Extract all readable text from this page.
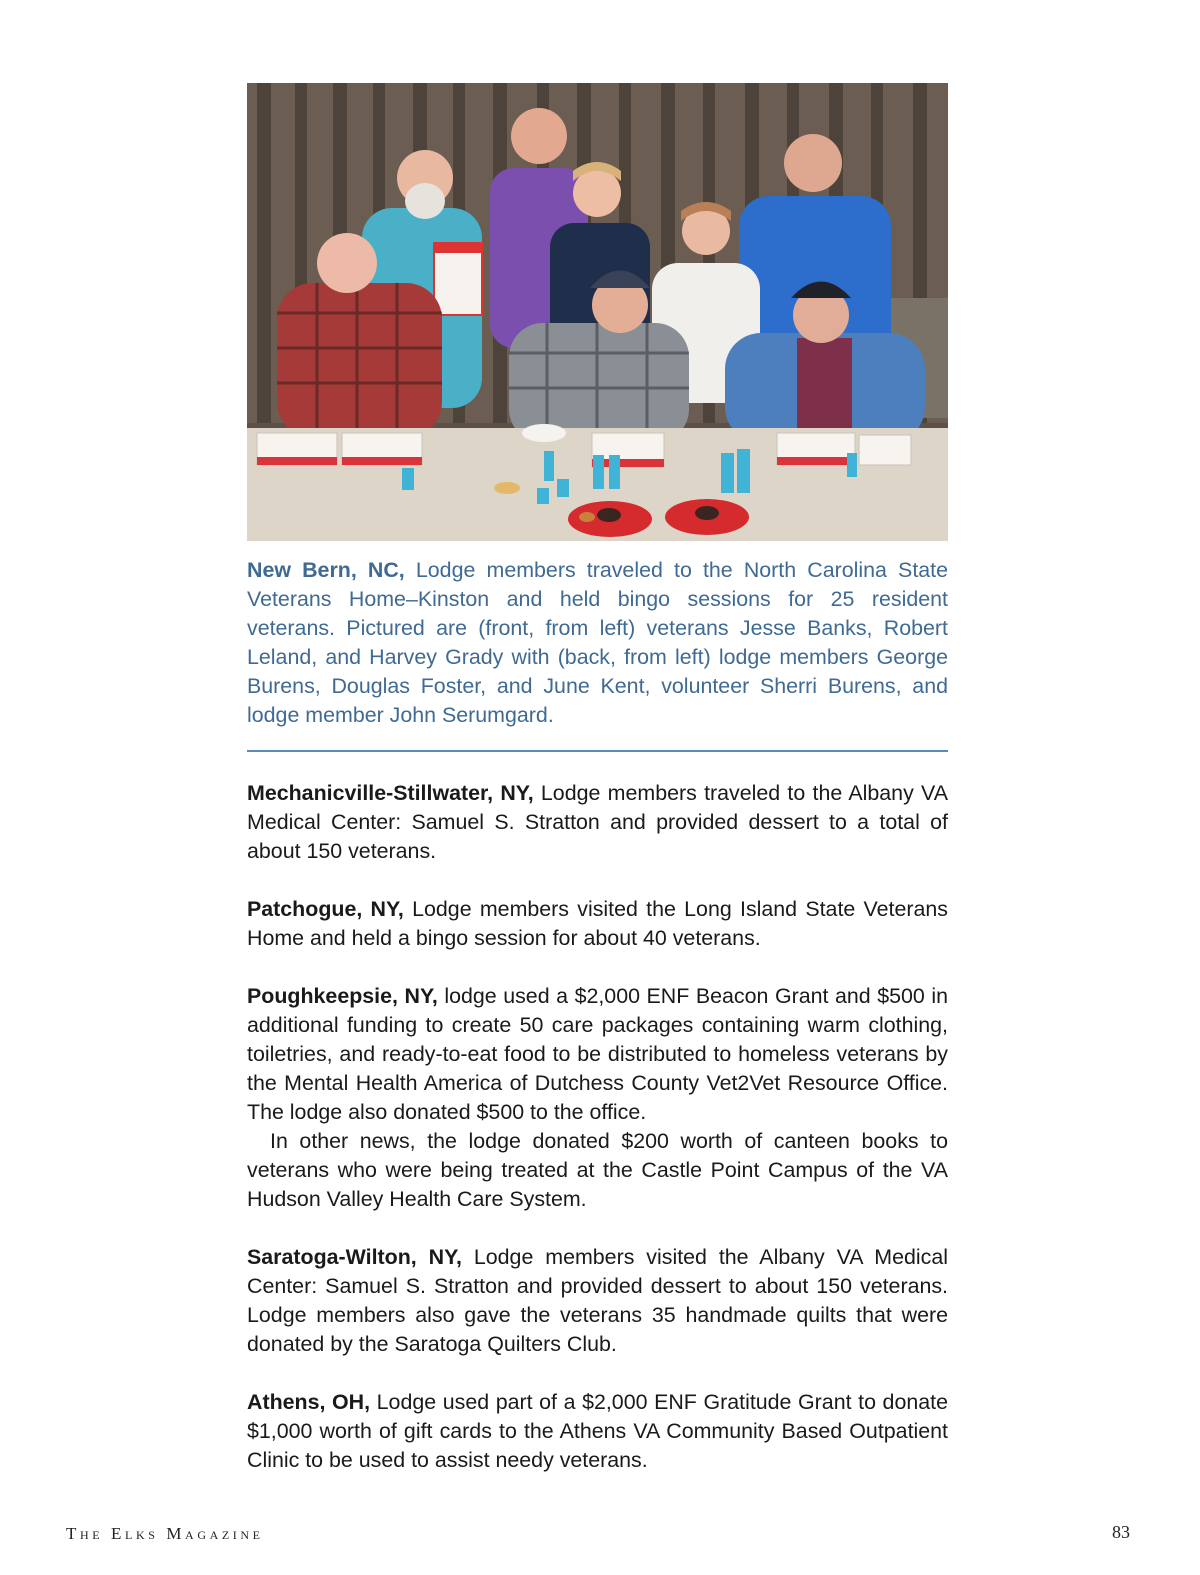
New Bern, NC, Lodge members traveled to the North Carolina State Veterans Home–Kinston and held bingo sessions for 25 resident veterans. Pictured are (front, from left) veterans Jesse Banks, Robert Leland, and Harvey Grady with (back, from left) lodge members George Burens, Douglas Foster, and June Kent, volunteer Sherri Burens, and lodge member John Serumgard.

Mechanicville-Stillwater, NY, Lodge members traveled to the Albany VA Medical Center: Samuel S. Stratton and provided dessert to a total of about 150 veterans.

Patchogue, NY, Lodge members visited the Long Island State Veterans Home and held a bingo session for about 40 veterans.

Poughkeepsie, NY, lodge used a $2,000 ENF Beacon Grant and $500 in additional funding to create 50 care packages containing warm clothing, toiletries, and ready-to-eat food to be distributed to homeless veterans by the Mental Health America of Dutchess County Vet2Vet Resource Office. The lodge also donated $500 to the office.
In other news, the lodge donated $200 worth of canteen books to veterans who were being treated at the Castle Point Campus of the VA Hudson Valley Health Care System.

Saratoga-Wilton, NY, Lodge members visited the Albany VA Medical Center: Samuel S. Stratton and provided dessert to about 150 veterans. Lodge members also gave the veterans 35 handmade quilts that were donated by the Saratoga Quilters Club.

Athens, OH, Lodge used part of a $2,000 ENF Gratitude Grant to donate $1,000 worth of gift cards to the Athens VA Community Based Outpatient Clinic to be used to assist needy veterans.

The Elks Magazine	83
